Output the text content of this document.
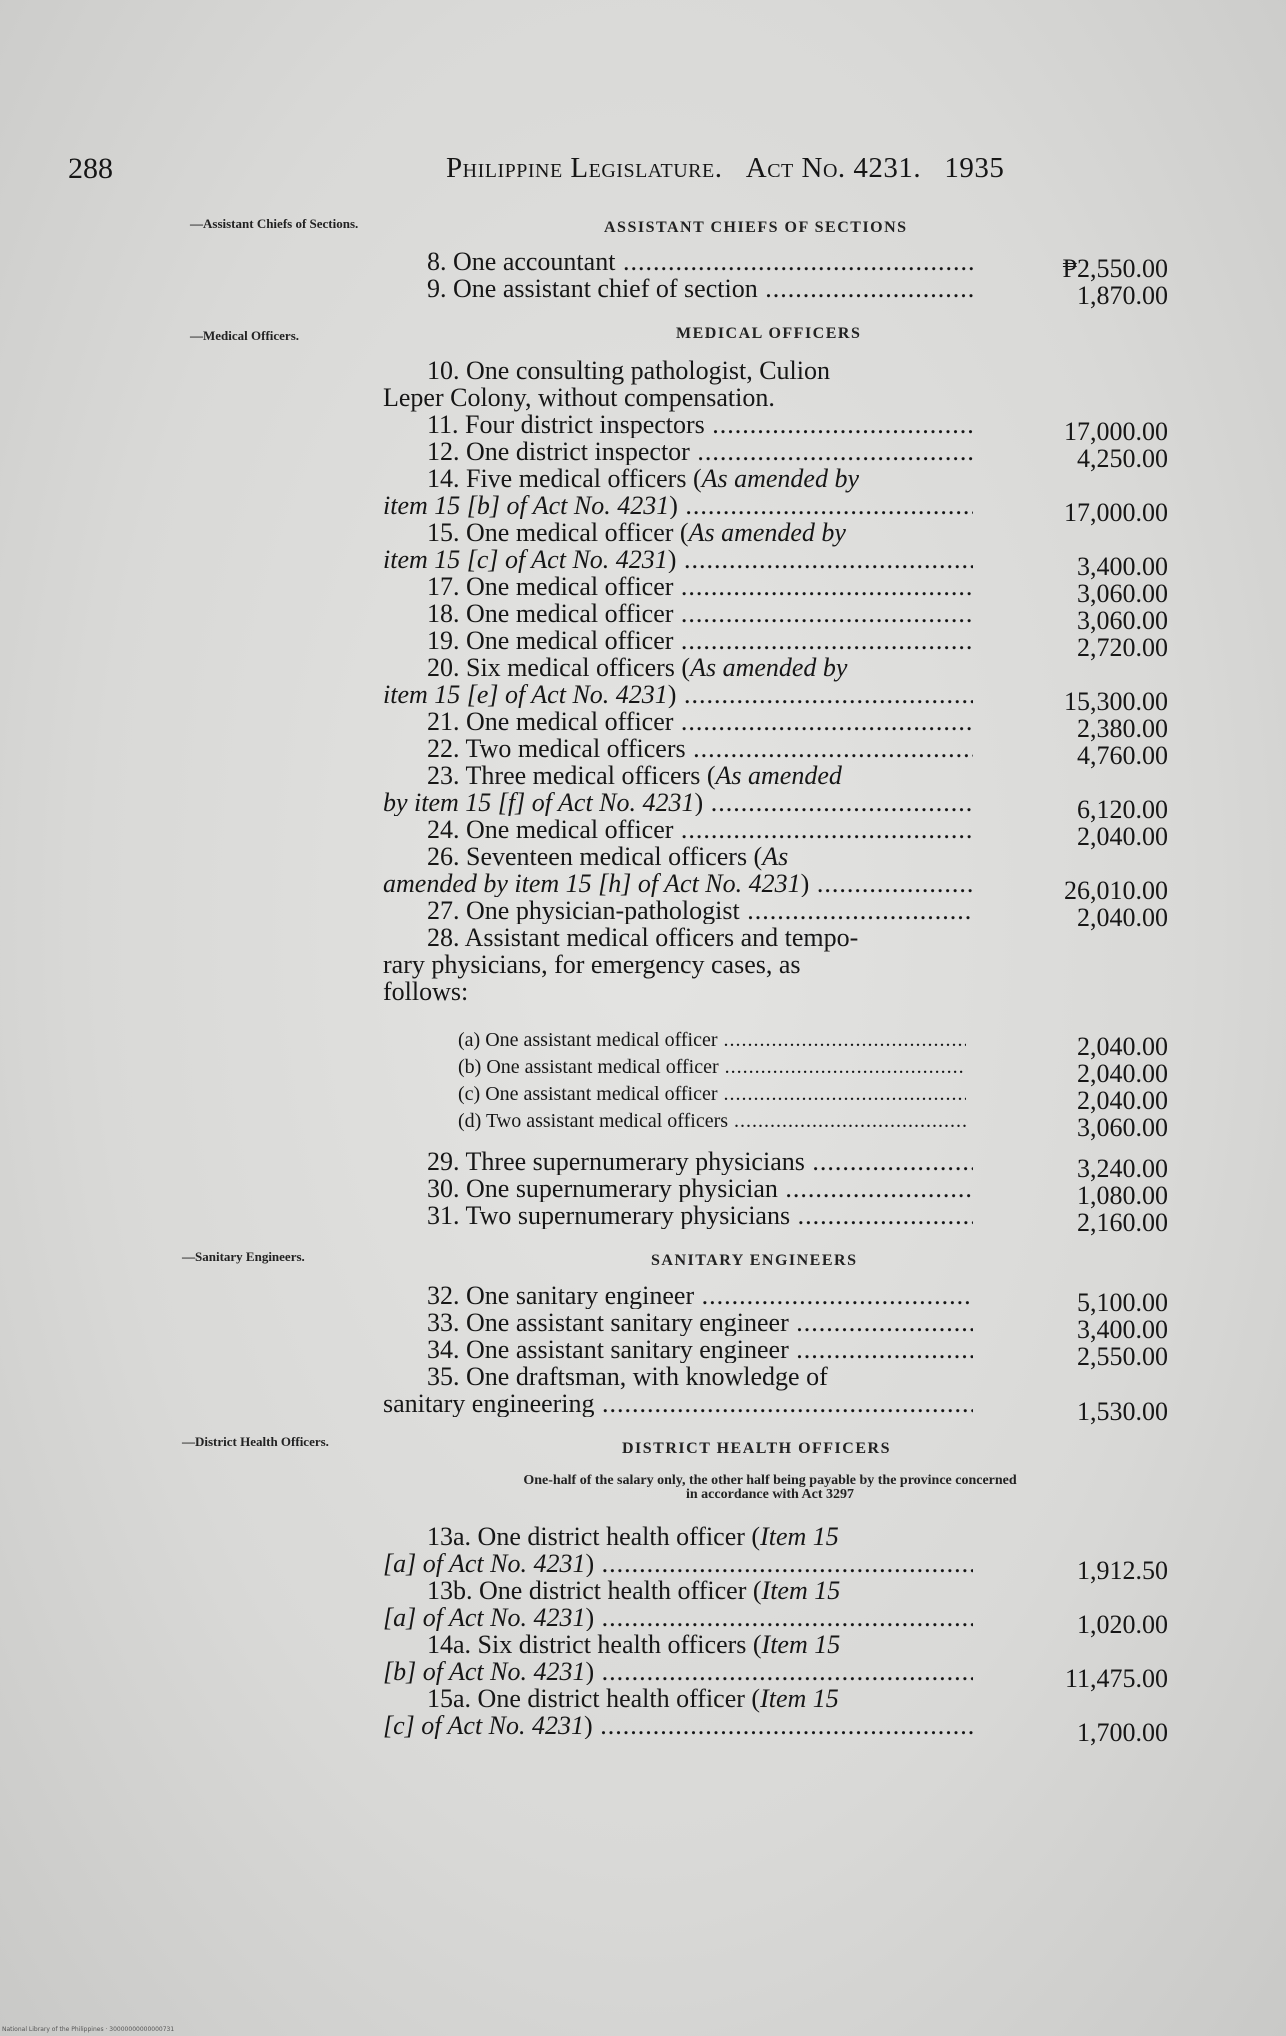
288	Philippine Legislature. Act No. 4231. 1935
—Assistant Chiefs of Sections.	ASSISTANT CHIEFS OF SECTIONS
8. One accountant .....	₱2,550.00
9. One assistant chief of section .....	1,870.00
—Medical Officers.	MEDICAL OFFICERS
10. One consulting pathologist, Culion
Leper Colony, without compensation.
11. Four district inspectors .....	17,000.00
12. One district inspector .....	4,250.00
14. Five medical officers (As amended by
item 15 [b] of Act No. 4231) .....	17,000.00
15. One medical officer (As amended by
item 15 [c] of Act No. 4231) .....	3,400.00
17. One medical officer .....	3,060.00
18. One medical officer .....	3,060.00
19. One medical officer .....	2,720.00
20. Six medical officers (As amended by
item 15 [e] of Act No. 4231) .....	15,300.00
21. One medical officer .....	2,380.00
22. Two medical officers .....	4,760.00
23. Three medical officers (As amended
by item 15 [f] of Act No. 4231) .....	6,120.00
24. One medical officer .....	2,040.00
26. Seventeen medical officers (As
amended by item 15 [h] of Act No. 4231) .....	26,010.00
27. One physician-pathologist .....	2,040.00
28. Assistant medical officers and tempo-
rary physicians, for emergency cases, as
follows:
(a) One assistant medical officer .....	2,040.00
(b) One assistant medical officer .....	2,040.00
(c) One assistant medical officer .....	2,040.00
(d) Two assistant medical officers .....	3,060.00
29. Three supernumerary physicians .....	3,240.00
30. One supernumerary physician .....	1,080.00
31. Two supernumerary physicians .....	2,160.00
—Sanitary Engineers.	SANITARY ENGINEERS
32. One sanitary engineer .....	5,100.00
33. One assistant sanitary engineer .....	3,400.00
34. One assistant sanitary engineer .....	2,550.00
35. One draftsman, with knowledge of
sanitary engineering .....	1,530.00
—District Health Officers.	DISTRICT HEALTH OFFICERS
One-half of the salary only, the other half being payable by the province concerned
in accordance with Act 3297
13a. One district health officer (Item 15
[a] of Act No. 4231) .....	1,912.50
13b. One district health officer (Item 15
[a] of Act No. 4231) .....	1,020.00
14a. Six district health officers (Item 15
[b] of Act No. 4231) .....	11,475.00
15a. One district health officer (Item 15
[c] of Act No. 4231) .....	1,700.00
National Library of the Philippines · 30000000000000731
